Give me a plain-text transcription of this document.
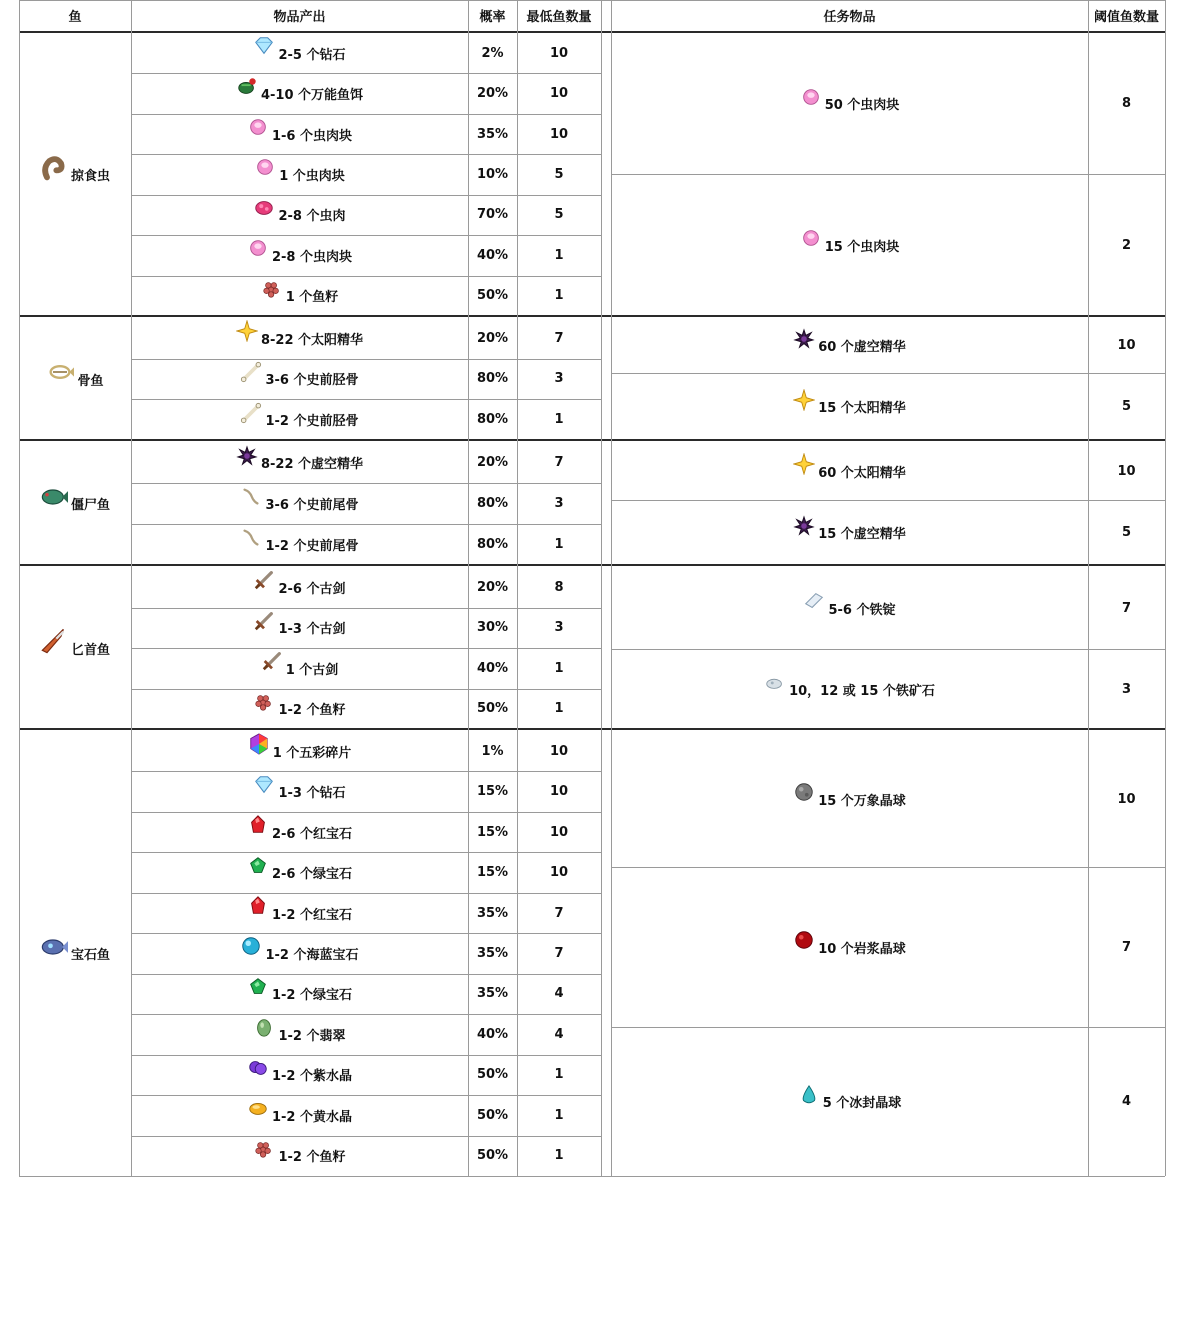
鱼	物品产出	概率 最低鱼数量	任务物品	阈值鱼数量
掠食虫
2-5 个钻石	2%	10
4-10 个万能鱼饵	20%	10
1-6 个虫肉块	35%	10
1 个虫肉块	10%	5
2-8 个虫肉	70%	5
2-8 个虫肉块	40%	1
1 个鱼籽	50%	1
50 个虫肉块	8
15 个虫肉块	2
骨鱼
8-22 个太阳精华	20%	7
3-6 个史前胫骨	80%	3
1-2 个史前胫骨	80%	1
60 个虚空精华	10
15 个太阳精华	5
僵尸鱼
8-22 个虚空精华	20%	7
3-6 个史前尾骨	80%	3
1-2 个史前尾骨	80%	1
60 个太阳精华	10
15 个虚空精华	5
匕首鱼
2-6 个古剑	20%	8
1-3 个古剑	30%	3
1 个古剑	40%	1
1-2 个鱼籽	50%	1
5-6 个铁锭	7
10，12 或 15 个铁矿石	3
宝石鱼
1 个五彩碎片	1%	10
1-3 个钻石	15%	10
2-6 个红宝石	15%	10
2-6 个绿宝石	15%	10
1-2 个红宝石	35%	7
1-2 个海蓝宝石	35%	7
1-2 个绿宝石	35%	4
1-2 个翡翠	40%	4
1-2 个紫水晶	50%	1
1-2 个黄水晶	50%	1
1-2 个鱼籽	50%	1
15 个万象晶球	10
10 个岩浆晶球	7
5 个冰封晶球	4
